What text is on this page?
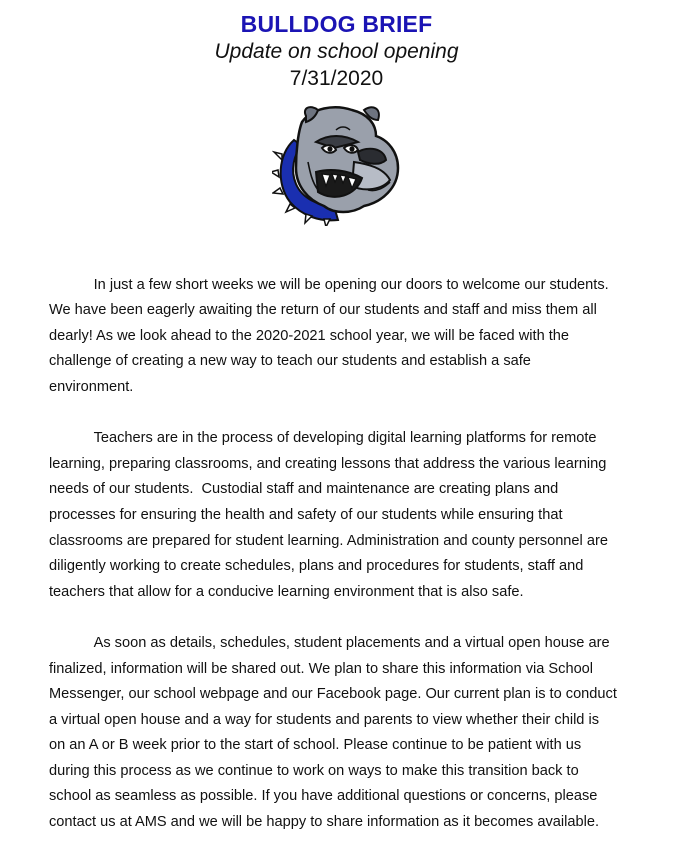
BULLDOG BRIEF
Update on school opening
7/31/2020

In just a few short weeks we will be opening our doors to welcome our students.
We have been eagerly awaiting the return of our students and staff and miss them all
dearly! As we look ahead to the 2020-2021 school year, we will be faced with the
challenge of creating a new way to teach our students and establish a safe
environment.

Teachers are in the process of developing digital learning platforms for remote
learning, preparing classrooms, and creating lessons that address the various learning
needs of our students.  Custodial staff and maintenance are creating plans and
processes for ensuring the health and safety of our students while ensuring that
classrooms are prepared for student learning. Administration and county personnel are
diligently working to create schedules, plans and procedures for students, staff and
teachers that allow for a conducive learning environment that is also safe.

As soon as details, schedules, student placements and a virtual open house are
finalized, information will be shared out. We plan to share this information via School
Messenger, our school webpage and our Facebook page. Our current plan is to conduct
a virtual open house and a way for students and parents to view whether their child is
on an A or B week prior to the start of school. Please continue to be patient with us
during this process as we continue to work on ways to make this transition back to
school as seamless as possible. If you have additional questions or concerns, please
contact us at AMS and we will be happy to share information as it becomes available.
